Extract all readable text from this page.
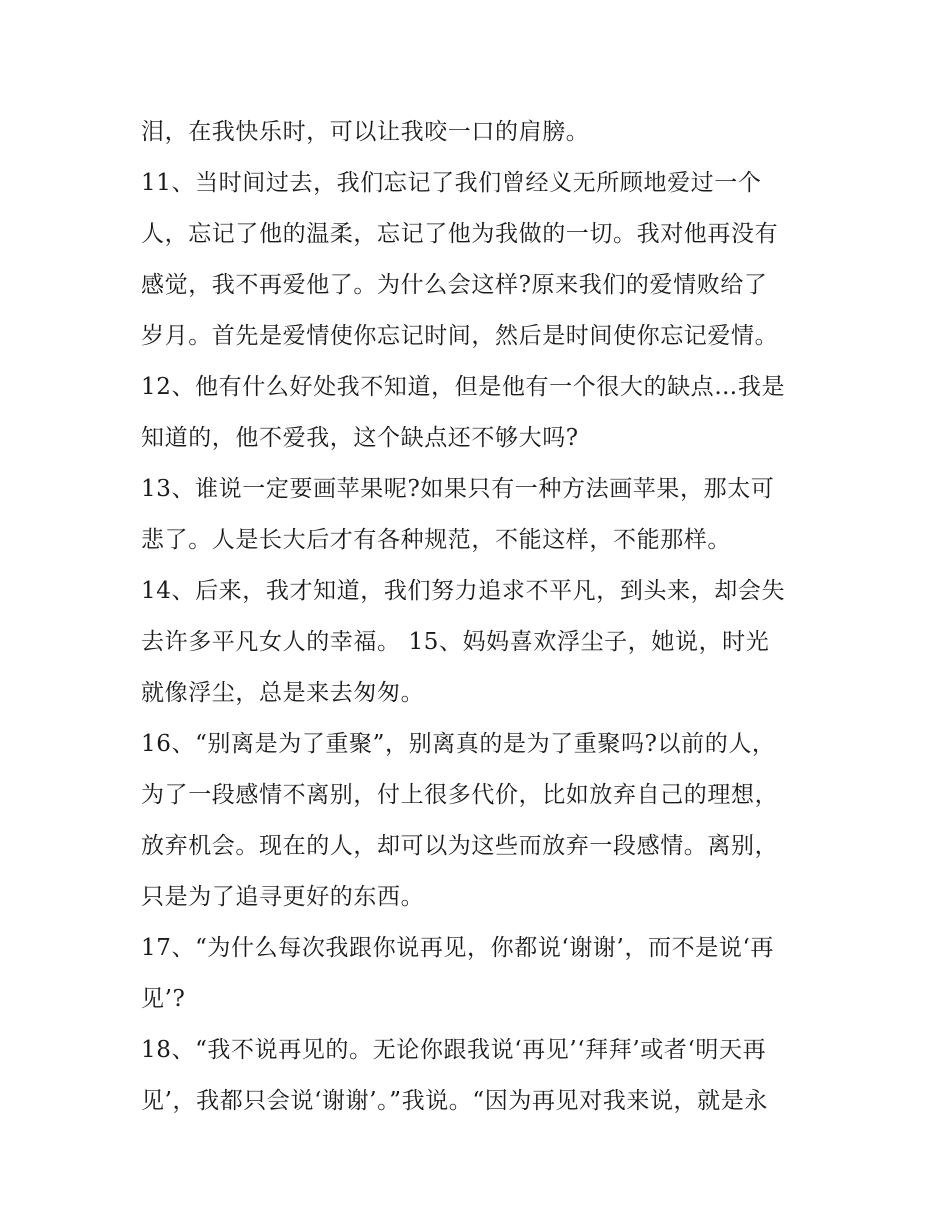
泪，在我快乐时，可以让我咬一口的肩膀。
11、当时间过去，我们忘记了我们曾经义无所顾地爱过一个
人，忘记了他的温柔，忘记了他为我做的一切。我对他再没有
感觉，我不再爱他了。为什么会这样?原来我们的爱情败给了
岁月。首先是爱情使你忘记时间，然后是时间使你忘记爱情。
12、他有什么好处我不知道，但是他有一个很大的缺点…我是
知道的，他不爱我，这个缺点还不够大吗?
13、谁说一定要画苹果呢?如果只有一种方法画苹果，那太可
悲了。人是长大后才有各种规范，不能这样，不能那样。
14、后来，我才知道，我们努力追求不平凡，到头来，却会失
去许多平凡女人的幸福。 15、妈妈喜欢浮尘子，她说，时光
就像浮尘，总是来去匆匆。
16、“别离是为了重聚”，别离真的是为了重聚吗?以前的人，
为了一段感情不离别，付上很多代价，比如放弃自己的理想，
放弃机会。现在的人，却可以为这些而放弃一段感情。离别，
只是为了追寻更好的东西。
17、“为什么每次我跟你说再见，你都说‘谢谢’，而不是说‘再
见’?
18、“我不说再见的。无论你跟我说‘再见’‘拜拜’或者‘明天再
见’，我都只会说‘谢谢’。”我说。“因为再见对我来说，就是永
